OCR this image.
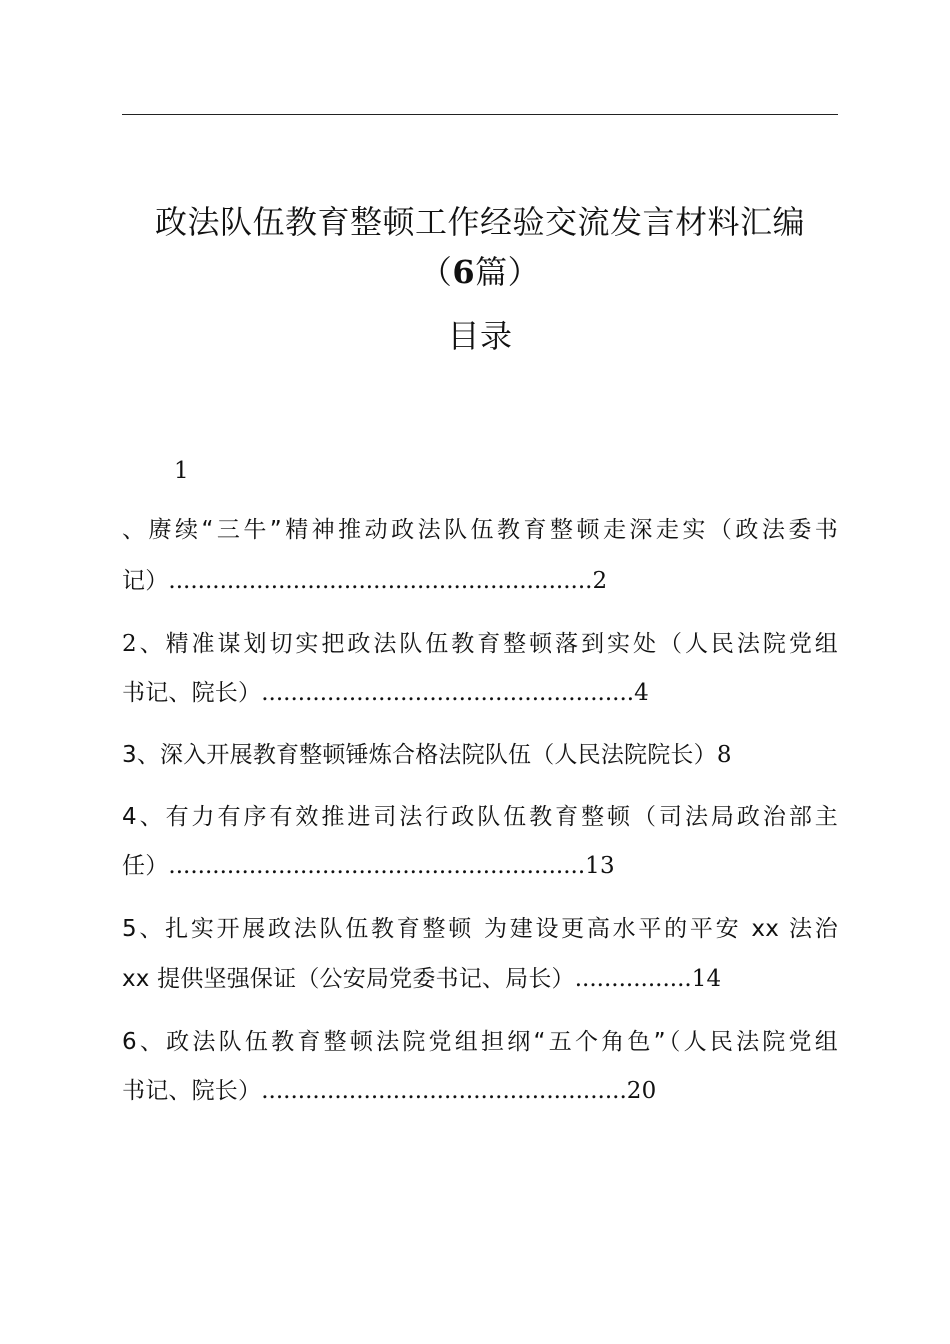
政法队伍教育整顿工作经验交流发言材料汇编
（6篇）
目录
1
、赓续“三牛”精神推动政法队伍教育整顿走深走实（政法委书
记）..........................................................2
2、精准谋划切实把政法队伍教育整顿落到实处（人民法院党组
书记、院长）...................................................4
3、深入开展教育整顿锤炼合格法院队伍（人民法院院长）8
4、有力有序有效推进司法行政队伍教育整顿（司法局政治部主
任）.........................................................13
5、扎实开展政法队伍教育整顿 为建设更高水平的平安 xx 法治
xx 提供坚强保证（公安局党委书记、局长）................14
6、政法队伍教育整顿法院党组担纲“五个角色”（人民法院党组
书记、院长）..................................................20
